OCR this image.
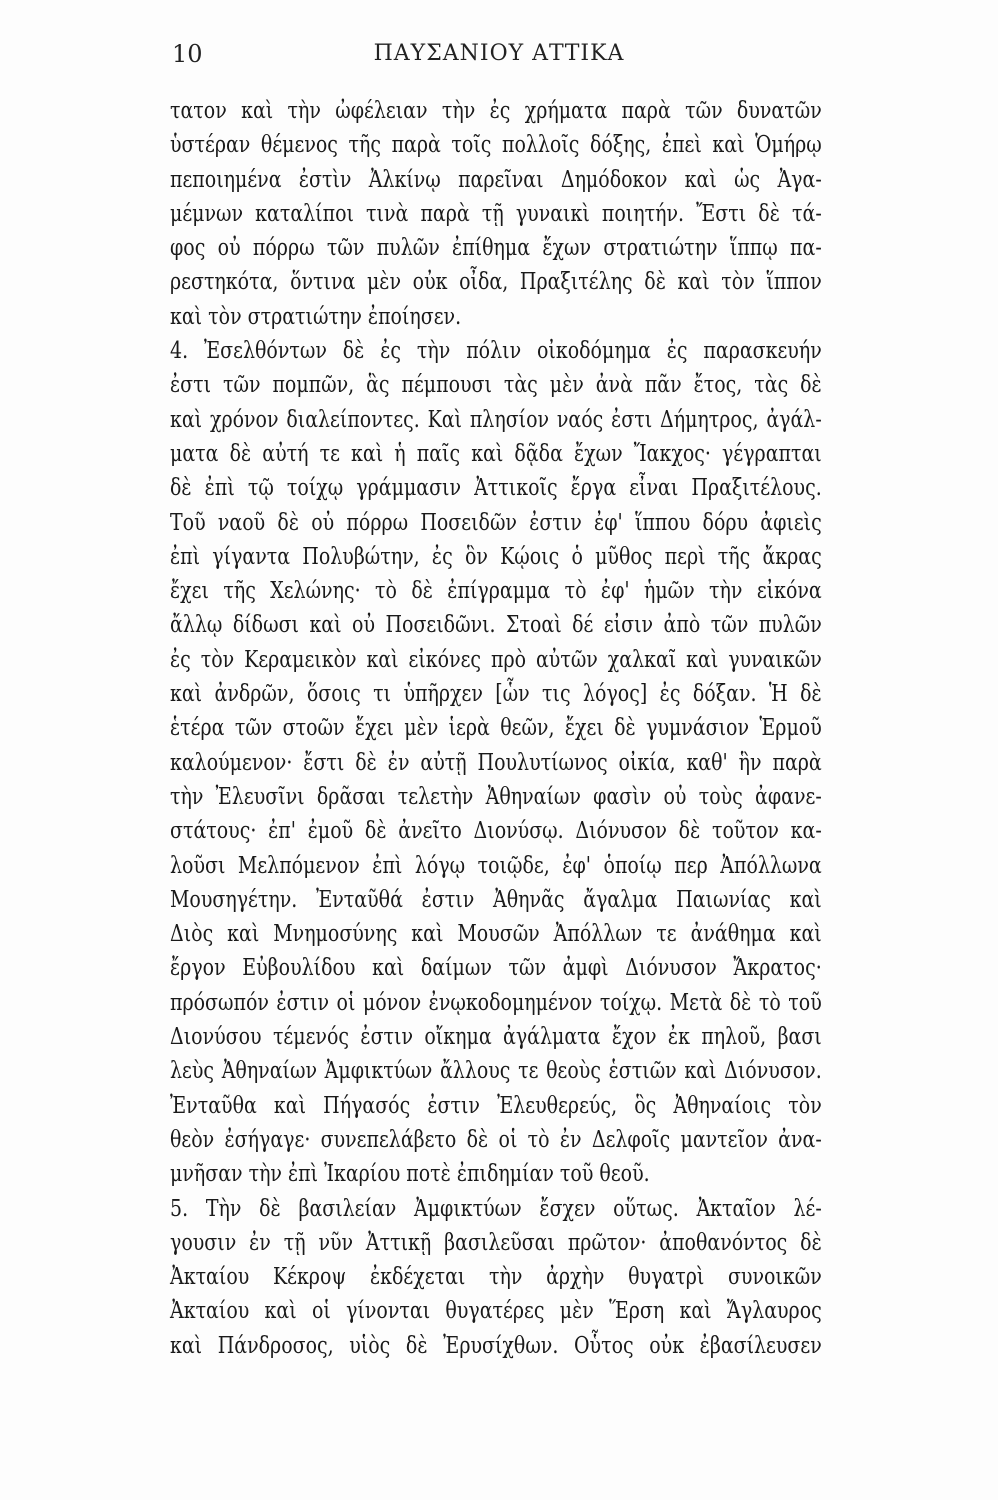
10	ΠΑΥΣΑΝΙΟΥ ΑΤΤΙΚΑ
τατον καὶ τὴν ὠφέλειαν τὴν ἐς χρήματα παρὰ τῶν δυνατῶν
ὑστέραν θέμενος τῆς παρὰ τοῖς πολλοῖς δόξης, ἐπεὶ καὶ Ὁμήρῳ
πεποιημένα ἐστὶν Ἀλκίνῳ παρεῖναι Δημόδοκον καὶ ὡς Ἀγα-
μέμνων καταλίποι τινὰ παρὰ τῇ γυναικὶ ποιητήν. Ἔστι δὲ τά-
φος οὐ πόρρω τῶν πυλῶν ἐπίθημα ἔχων στρατιώτην ἵππῳ πα-
ρεστηκότα, ὅντινα μὲν οὐκ οἶδα, Πραξιτέλης δὲ καὶ τὸν ἵππον
καὶ τὸν στρατιώτην ἐποίησεν.
4. Ἐσελθόντων δὲ ἐς τὴν πόλιν οἰκοδόμημα ἐς παρασκευήν
ἐστι τῶν πομπῶν, ἃς πέμπουσι τὰς μὲν ἀνὰ πᾶν ἔτος, τὰς δὲ
καὶ χρόνον διαλείποντες. Καὶ πλησίον ναός ἐστι Δήμητρος, ἀγάλ-
ματα δὲ αὐτή τε καὶ ἡ παῖς καὶ δᾷδα ἔχων Ἴακχος· γέγραπται
δὲ ἐπὶ τῷ τοίχῳ γράμμασιν Ἀττικοῖς ἔργα εἶναι Πραξιτέλους.
Τοῦ ναοῦ δὲ οὐ πόρρω Ποσειδῶν ἐστιν ἐφ' ἵππου δόρυ ἀφιεὶς
ἐπὶ γίγαντα Πολυβώτην, ἐς ὃν Κῴοις ὁ μῦθος περὶ τῆς ἄκρας
ἔχει τῆς Χελώνης· τὸ δὲ ἐπίγραμμα τὸ ἐφ' ἡμῶν τὴν εἰκόνα
ἄλλῳ δίδωσι καὶ οὐ Ποσειδῶνι. Στοαὶ δέ εἰσιν ἀπὸ τῶν πυλῶν
ἐς τὸν Κεραμεικὸν καὶ εἰκόνες πρὸ αὐτῶν χαλκαῖ καὶ γυναικῶν
καὶ ἀνδρῶν, ὅσοις τι ὑπῆρχεν [ὧν τις λόγος] ἐς δόξαν. Ἡ δὲ
ἑτέρα τῶν στοῶν ἔχει μὲν ἱερὰ θεῶν, ἔχει δὲ γυμνάσιον Ἑρμοῦ
καλούμενον· ἔστι δὲ ἐν αὐτῇ Πουλυτίωνος οἰκία, καθ' ἣν παρὰ
τὴν Ἐλευσῖνι δρᾶσαι τελετὴν Ἀθηναίων φασὶν οὐ τοὺς ἀφανε-
στάτους· ἐπ' ἐμοῦ δὲ ἀνεῖτο Διονύσῳ. Διόνυσον δὲ τοῦτον κα-
λοῦσι Μελπόμενον ἐπὶ λόγῳ τοιῷδε, ἐφ' ὁποίῳ περ Ἀπόλλωνα
Μουσηγέτην. Ἐνταῦθά ἐστιν Ἀθηνᾶς ἄγαλμα Παιωνίας καὶ
Διὸς καὶ Μνημοσύνης καὶ Μουσῶν Ἀπόλλων τε ἀνάθημα καὶ
ἔργον Εὐβουλίδου καὶ δαίμων τῶν ἀμφὶ Διόνυσον Ἄκρατος·
πρόσωπόν ἐστιν οἱ μόνον ἐνῳκοδομημένον τοίχῳ. Μετὰ δὲ τὸ τοῦ
Διονύσου τέμενός ἐστιν οἴκημα ἀγάλματα ἔχον ἐκ πηλοῦ, βασι
λεὺς Ἀθηναίων Ἀμφικτύων ἄλλους τε θεοὺς ἑστιῶν καὶ Διόνυσον.
Ἐνταῦθα καὶ Πήγασός ἐστιν Ἐλευθερεύς, ὃς Ἀθηναίοις τὸν
θεὸν ἐσήγαγε· συνεπελάβετο δὲ οἱ τὸ ἐν Δελφοῖς μαντεῖον ἀνα-
μνῆσαν τὴν ἐπὶ Ἰκαρίου ποτὲ ἐπιδημίαν τοῦ θεοῦ.
5. Τὴν δὲ βασιλείαν Ἀμφικτύων ἔσχεν οὕτως. Ἀκταῖον λέ-
γουσιν ἐν τῇ νῦν Ἀττικῇ βασιλεῦσαι πρῶτον· ἀποθανόντος δὲ
Ἀκταίου Κέκροψ ἐκδέχεται τὴν ἀρχὴν θυγατρὶ συνοικῶν
Ἀκταίου καὶ οἱ γίνονται θυγατέρες μὲν Ἕρση καὶ Ἄγλαυρος
καὶ Πάνδροσος, υἱὸς δὲ Ἐρυσίχθων. Οὗτος οὐκ ἐβασίλευσεν
